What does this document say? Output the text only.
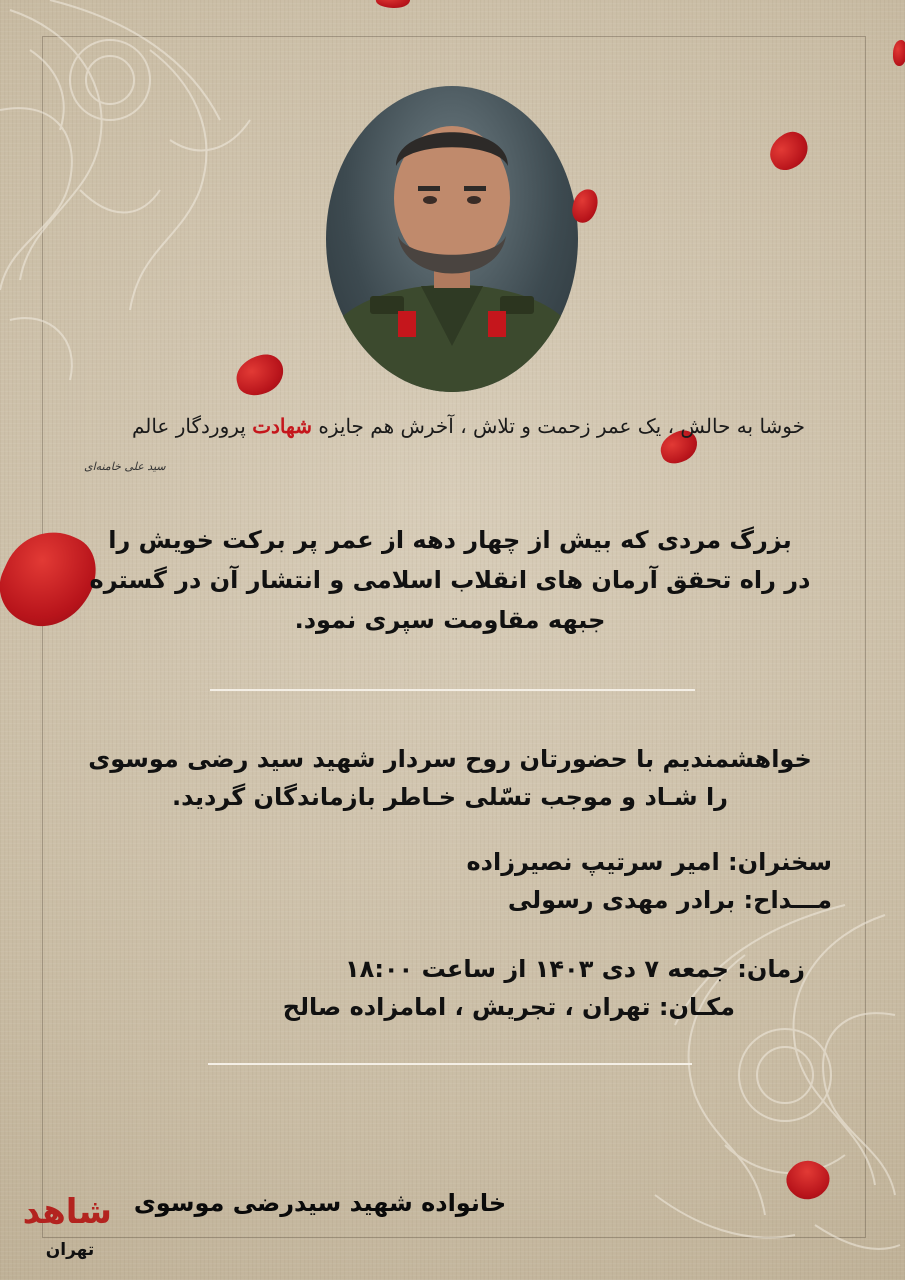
خوشا به حالش ، یک عمر زحمت و تلاش ، آخرش هم جایزه شهادت پروردگار عالم
سید علی خامنه‌ای
بزرگ مردی که بیش از چهار دهه از عمر پر برکت خویش را
در راه تحقق آرمان های انقلاب اسلامی و انتشار آن در گستره
جبهه مقاومت سپری نمود.
خواهشمندیم با حضورتان روح سردار شهید سید رضی موسوی
را شـاد و موجب تسّلی خـاطر بازماندگان گردید.
سخنران: امیر سرتیپ نصیرزاده
مـــداح: برادر مهدی رسولی
زمان: جمعه ۷ دی ۱۴۰۳ از ساعت ۱۸:۰۰
مکـان: تهران ، تجریش ، امامزاده صالح
خانواده شهید سیدرضی موسوی
شاهد
تهران
